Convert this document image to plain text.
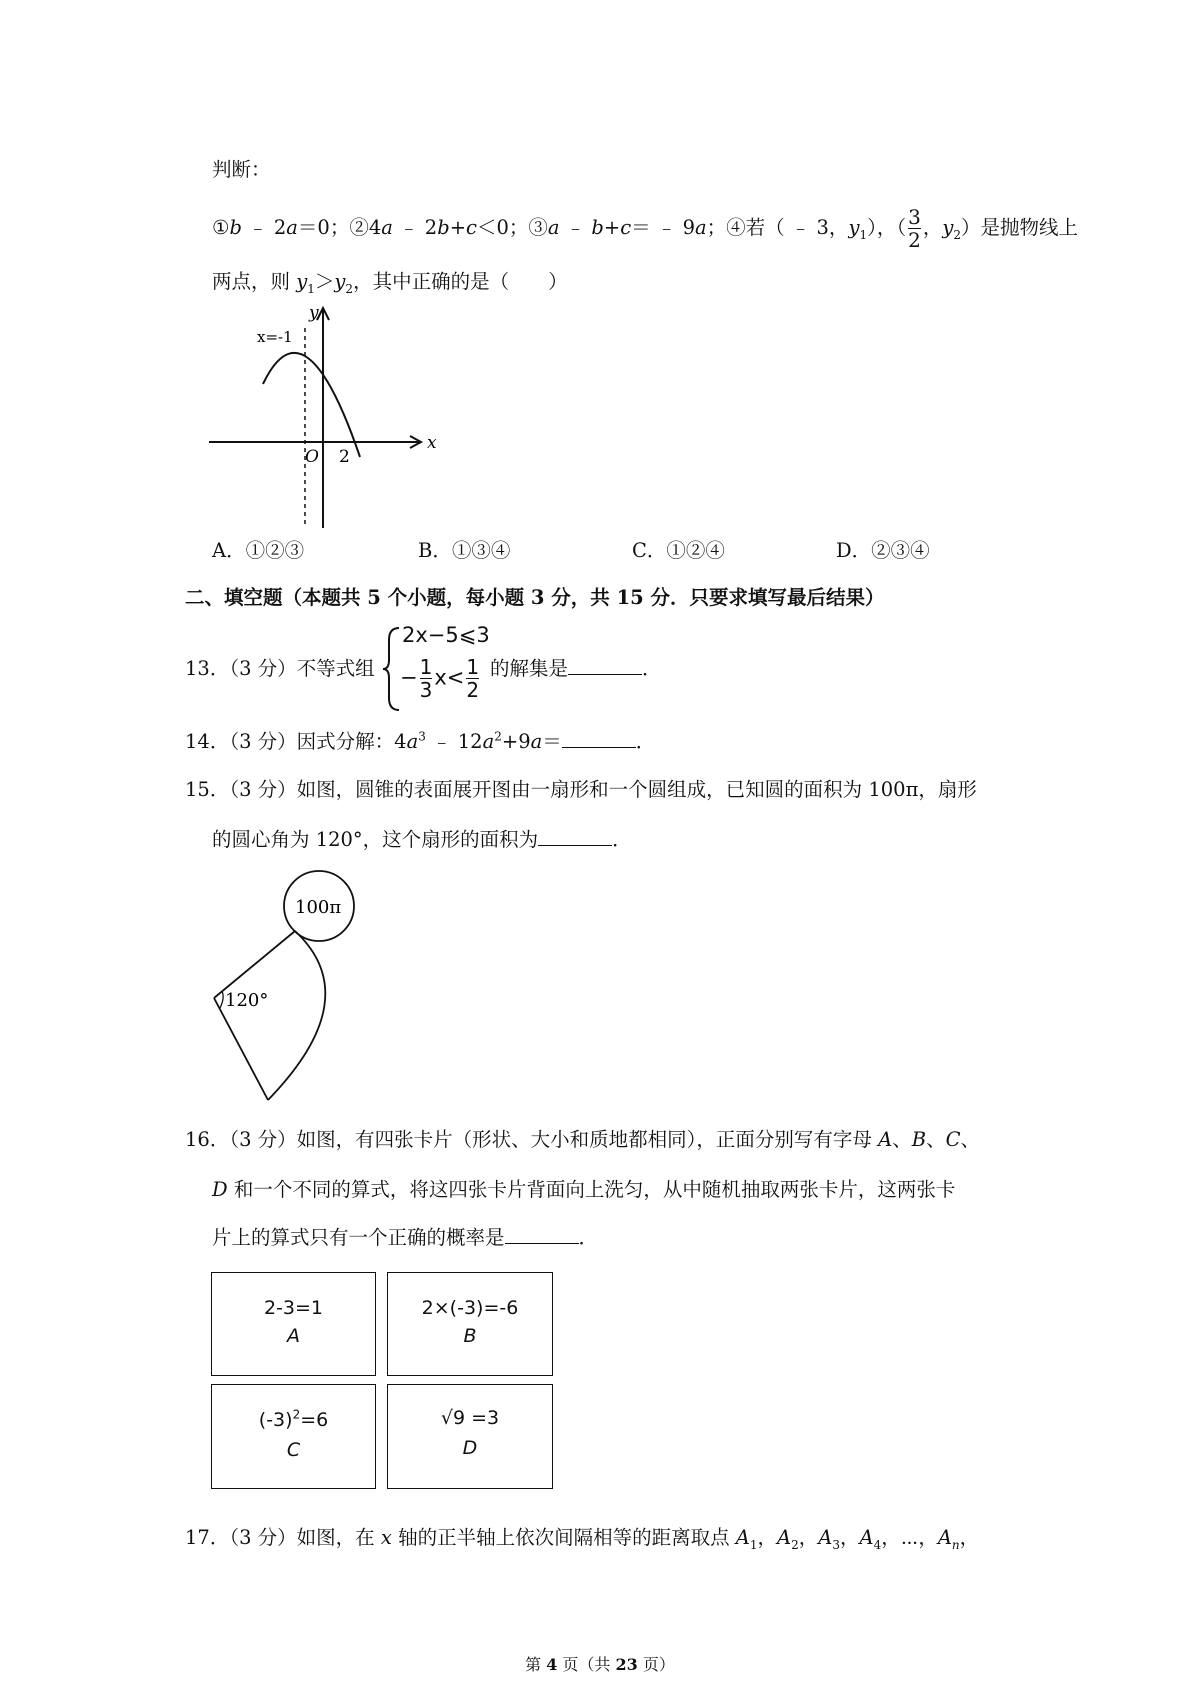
判断：
①b ﹣ 2a＝0；②4a ﹣ 2b+c＜0；③a ﹣ b+c＝ ﹣ 9a；④若（ ﹣ 3，$y_1$），（ $\frac{3}{2}$ ，$y_2$）是抛物线上
两点，则 $y_1>y_2$，其中正确的是（　　）
x=-1
y
x
O 2
A．①②③	B．①③④	C．①②④	D．②③④
二、填空题（本题共 5 个小题，每小题 3 分，共 15 分．只要求填写最后结果）
13．（3 分）不等式组
2x−5⩽3
− $\frac{1}{3} x< \frac{1}{2}$ 的解集是	．
14．（3 分）因式分解：$4a^3$ ﹣ $12a^2+9a=$	．
15．（3 分）如图，圆锥的表面展开图由一扇形和一个圆组成，已知圆的面积为 100π，扇形
的圆心角为 120°，这个扇形的面积为	．
100π
120°
16．（3 分）如图，有四张卡片（形状、大小和质地都相同），正面分别写有字母 A、B、C、
D 和一个不同的算式，将这四张卡片背面向上洗匀，从中随机抽取两张卡片，这两张卡
片上的算式只有一个正确的概率是	．
2-3=1
A
2×(-3)=-6
B
$(-3)^2=6$
C
√9 =3
D
17．（3 分）如图，在 x 轴的正半轴上依次间隔相等的距离取点 $A_1$，$A_2$，$A_3$，$A_4$，⋯，$A_n$，
第 4 页（共 23 页）
